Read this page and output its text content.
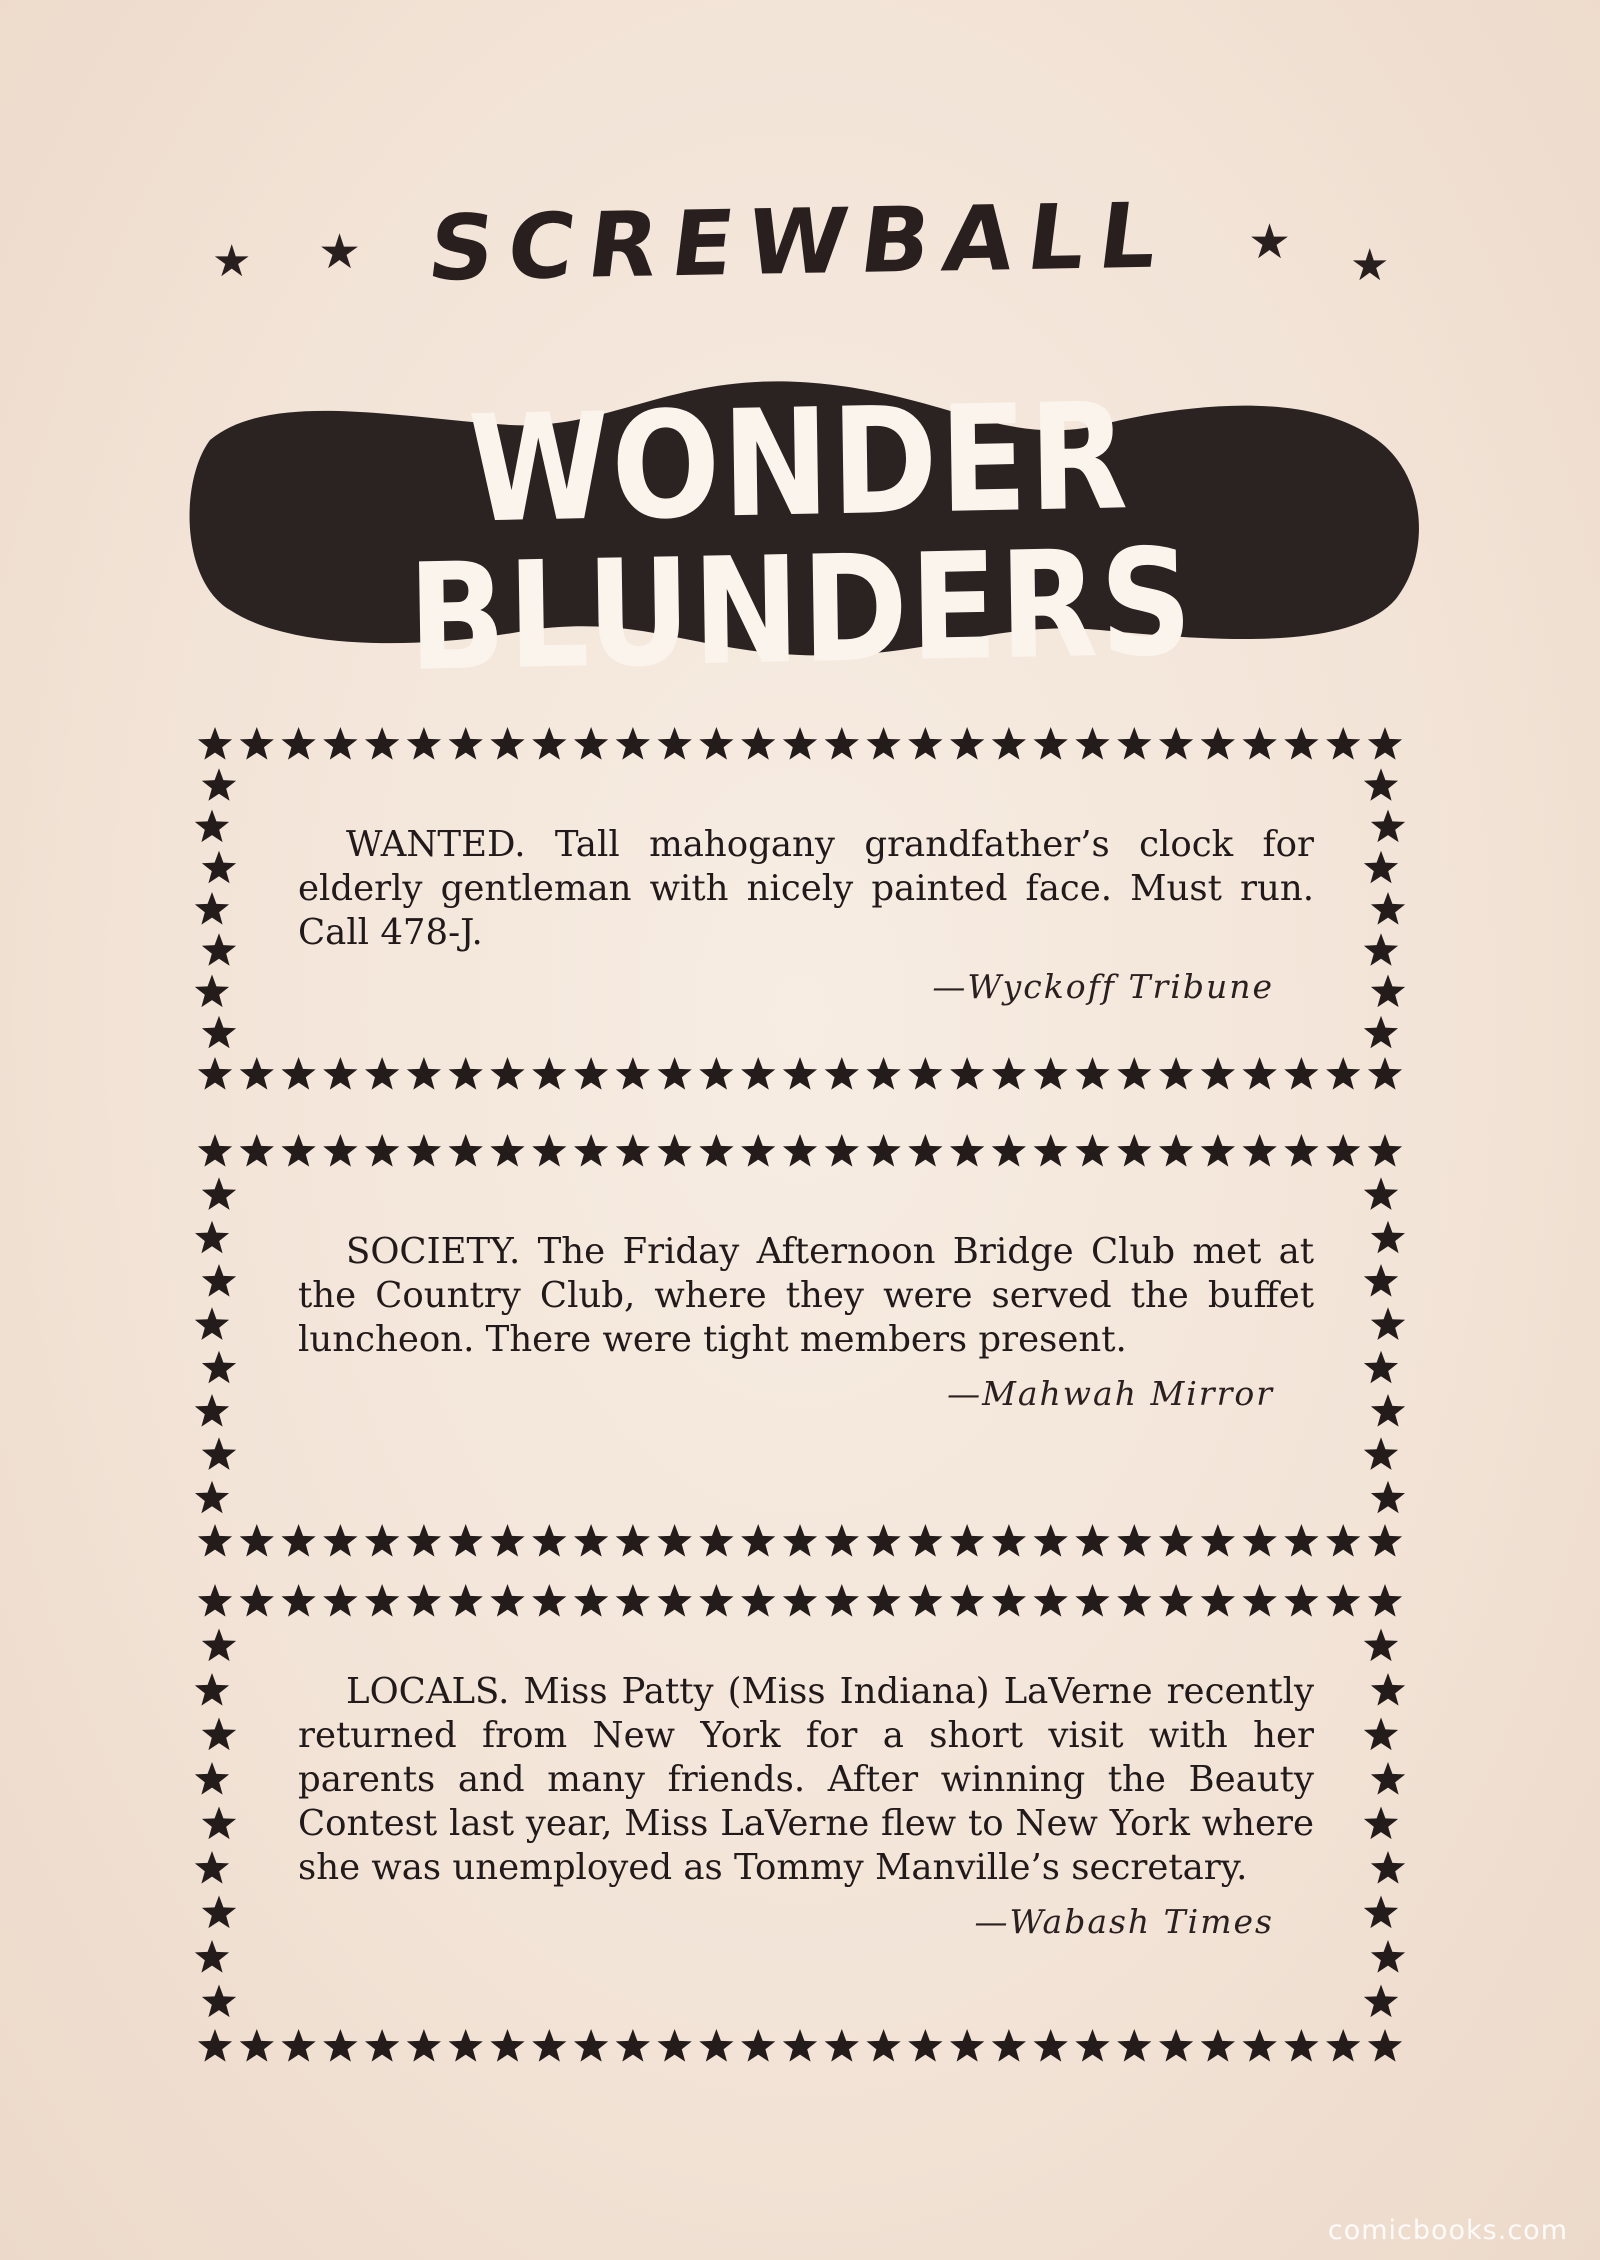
★ ★	★ ★
SCREWBALL
WONDER BLUNDERS

WANTED. Tall mahogany grandfather’s clock for elderly gentleman with nicely painted face. Must run. Call 478-J.

—Wyckoff Tribune

SOCIETY. The Friday Afternoon Bridge Club met at the Country Club, where they were served the buffet luncheon. There were tight members present.

—Mahwah Mirror

LOCALS. Miss Patty (Miss Indiana) LaVerne recently returned from New York for a short visit with her parents and many friends. After winning the Beauty Contest last year, Miss LaVerne flew to New York where she was unemployed as Tommy Manville’s secretary.

—Wabash Times

comicbooks.com
